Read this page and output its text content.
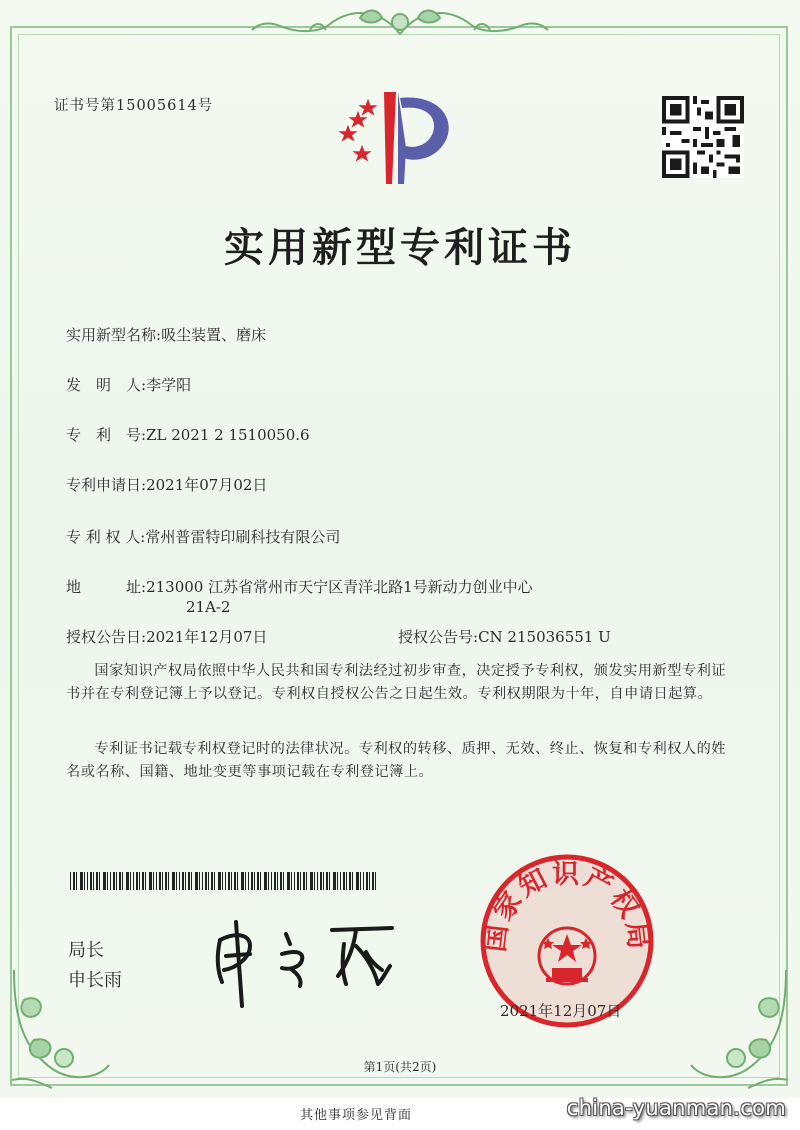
证书号第15005614号
实用新型专利证书
实用新型名称:吸尘装置、磨床
发　明　人:李学阳
专　利　号:ZL 2021 2 1510050.6
专利申请日:2021年07月02日
专 利 权 人:常州普雷特印刷科技有限公司
地　　　址:213000 江苏省常州市天宁区青洋北路1号新动力创业中心
21A-2
授权公告日:2021年12月07日	授权公告号:CN 215036551 U
国家知识产权局依照中华人民共和国专利法经过初步审查，决定授予专利权，颁发实用新型专利证书并在专利登记簿上予以登记。专利权自授权公告之日起生效。专利权期限为十年，自申请日起算。
专利证书记载专利权登记时的法律状况。专利权的转移、质押、无效、终止、恢复和专利权人的姓名或名称、国籍、地址变更等事项记载在专利登记簿上。
局长
申长雨
国家知识产权局
2021年12月07日
第1页(共2页)
其他事项参见背面	china-yuanman.com
